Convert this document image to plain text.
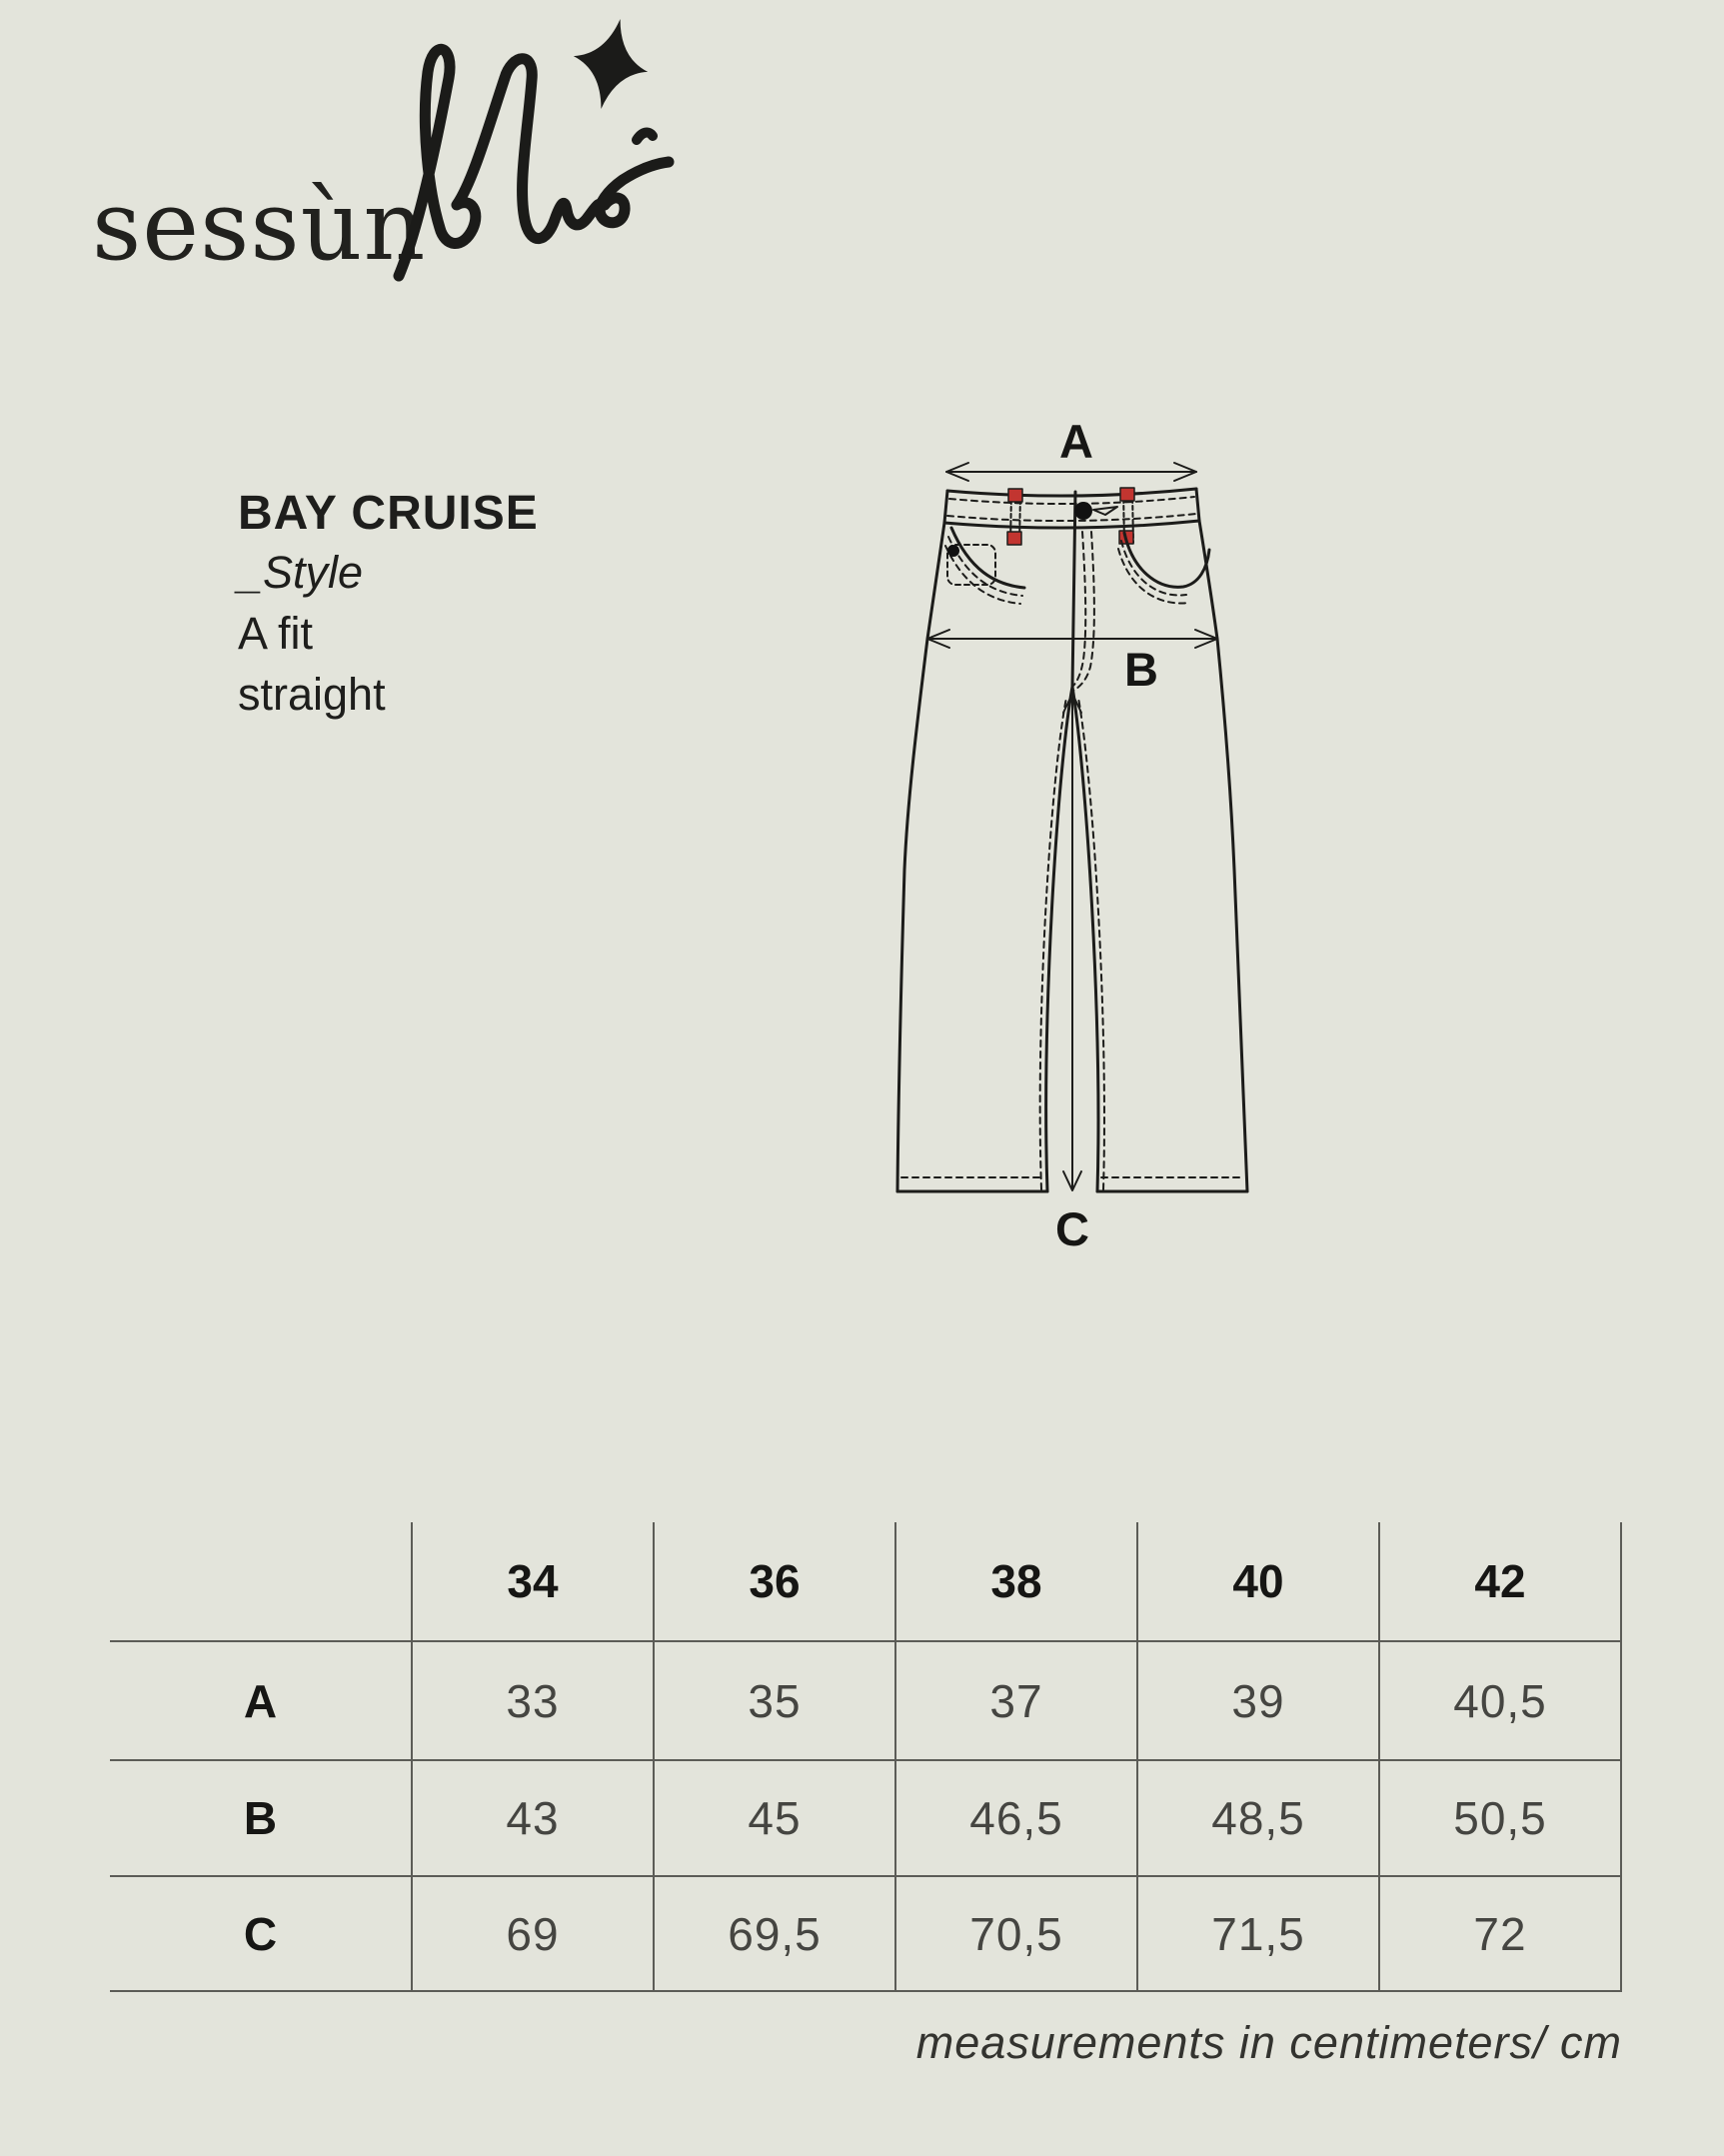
sessùn
BAY CRUISE
_Style
A fit
straight
A
B
C
34	36	38	40	42
A	33	35	37	39	40,5
B	43	45	46,5	48,5	50,5
C	69	69,5	70,5	71,5	72
measurements in centimeters/ cm
